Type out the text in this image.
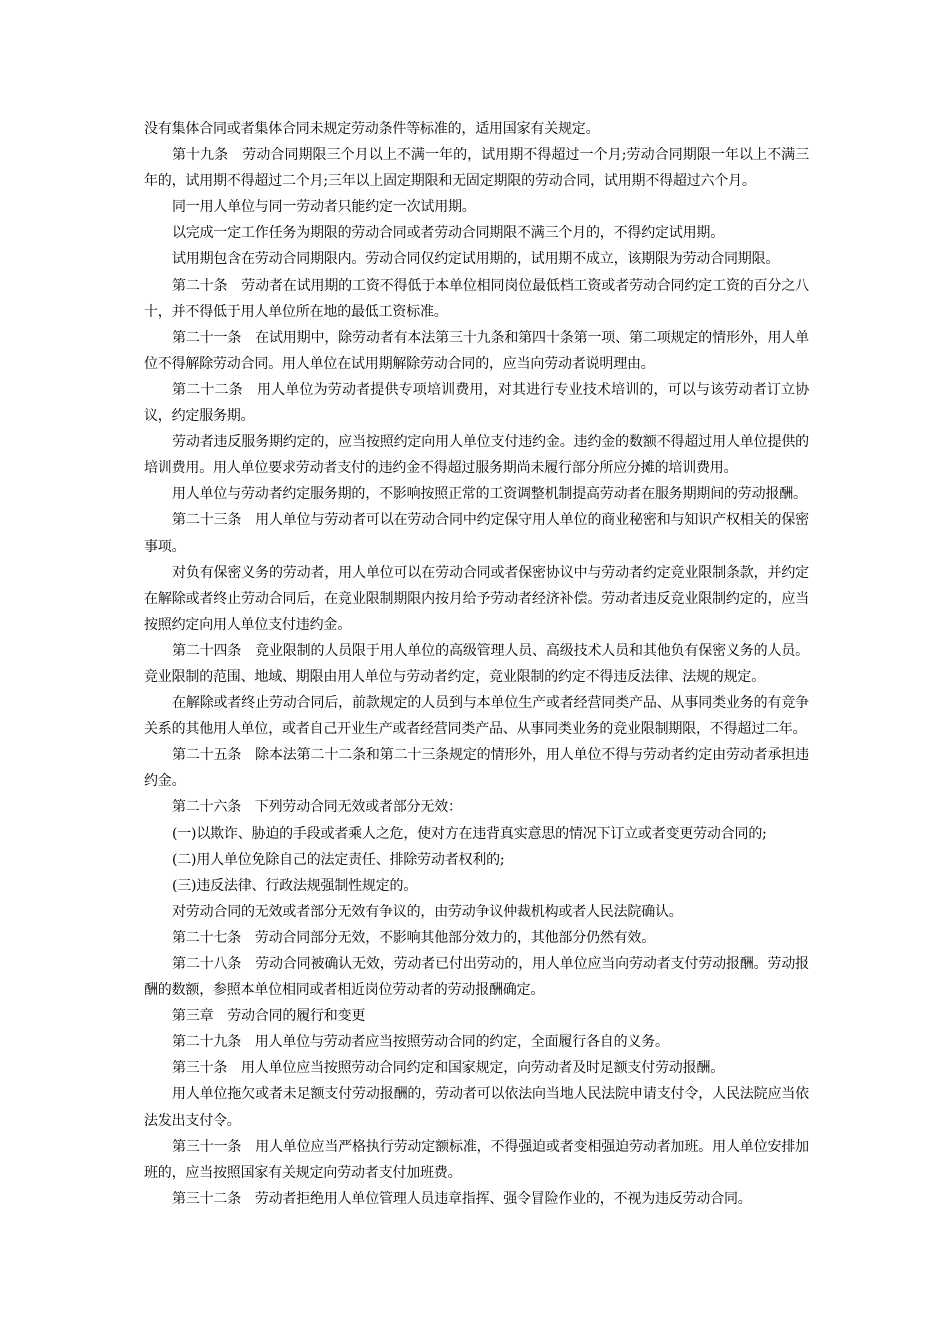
没有集体合同或者集体合同未规定劳动条件等标准的，适用国家有关规定。

第十九条　劳动合同期限三个月以上不满一年的，试用期不得超过一个月;劳动合同期限一年以上不满三年的，试用期不得超过二个月;三年以上固定期限和无固定期限的劳动合同，试用期不得超过六个月。

同一用人单位与同一劳动者只能约定一次试用期。

以完成一定工作任务为期限的劳动合同或者劳动合同期限不满三个月的，不得约定试用期。

试用期包含在劳动合同期限内。劳动合同仅约定试用期的，试用期不成立，该期限为劳动合同期限。

第二十条　劳动者在试用期的工资不得低于本单位相同岗位最低档工资或者劳动合同约定工资的百分之八十，并不得低于用人单位所在地的最低工资标准。

第二十一条　在试用期中，除劳动者有本法第三十九条和第四十条第一项、第二项规定的情形外，用人单位不得解除劳动合同。用人单位在试用期解除劳动合同的，应当向劳动者说明理由。

第二十二条　用人单位为劳动者提供专项培训费用，对其进行专业技术培训的，可以与该劳动者订立协议，约定服务期。

劳动者违反服务期约定的，应当按照约定向用人单位支付违约金。违约金的数额不得超过用人单位提供的培训费用。用人单位要求劳动者支付的违约金不得超过服务期尚未履行部分所应分摊的培训费用。

用人单位与劳动者约定服务期的，不影响按照正常的工资调整机制提高劳动者在服务期期间的劳动报酬。

第二十三条　用人单位与劳动者可以在劳动合同中约定保守用人单位的商业秘密和与知识产权相关的保密事项。

对负有保密义务的劳动者，用人单位可以在劳动合同或者保密协议中与劳动者约定竞业限制条款，并约定在解除或者终止劳动合同后，在竞业限制期限内按月给予劳动者经济补偿。劳动者违反竞业限制约定的，应当按照约定向用人单位支付违约金。

第二十四条　竞业限制的人员限于用人单位的高级管理人员、高级技术人员和其他负有保密义务的人员。竞业限制的范围、地域、期限由用人单位与劳动者约定，竞业限制的约定不得违反法律、法规的规定。

在解除或者终止劳动合同后，前款规定的人员到与本单位生产或者经营同类产品、从事同类业务的有竞争关系的其他用人单位，或者自己开业生产或者经营同类产品、从事同类业务的竞业限制期限，不得超过二年。

第二十五条　除本法第二十二条和第二十三条规定的情形外，用人单位不得与劳动者约定由劳动者承担违约金。

第二十六条　下列劳动合同无效或者部分无效：

(一)以欺诈、胁迫的手段或者乘人之危，使对方在违背真实意思的情况下订立或者变更劳动合同的;

(二)用人单位免除自己的法定责任、排除劳动者权利的;

(三)违反法律、行政法规强制性规定的。

对劳动合同的无效或者部分无效有争议的，由劳动争议仲裁机构或者人民法院确认。

第二十七条　劳动合同部分无效，不影响其他部分效力的，其他部分仍然有效。

第二十八条　劳动合同被确认无效，劳动者已付出劳动的，用人单位应当向劳动者支付劳动报酬。劳动报酬的数额，参照本单位相同或者相近岗位劳动者的劳动报酬确定。

第三章　劳动合同的履行和变更

第二十九条　用人单位与劳动者应当按照劳动合同的约定，全面履行各自的义务。

第三十条　用人单位应当按照劳动合同约定和国家规定，向劳动者及时足额支付劳动报酬。

用人单位拖欠或者未足额支付劳动报酬的，劳动者可以依法向当地人民法院申请支付令，人民法院应当依法发出支付令。

第三十一条　用人单位应当严格执行劳动定额标准，不得强迫或者变相强迫劳动者加班。用人单位安排加班的，应当按照国家有关规定向劳动者支付加班费。

第三十二条　劳动者拒绝用人单位管理人员违章指挥、强令冒险作业的，不视为违反劳动合同。
